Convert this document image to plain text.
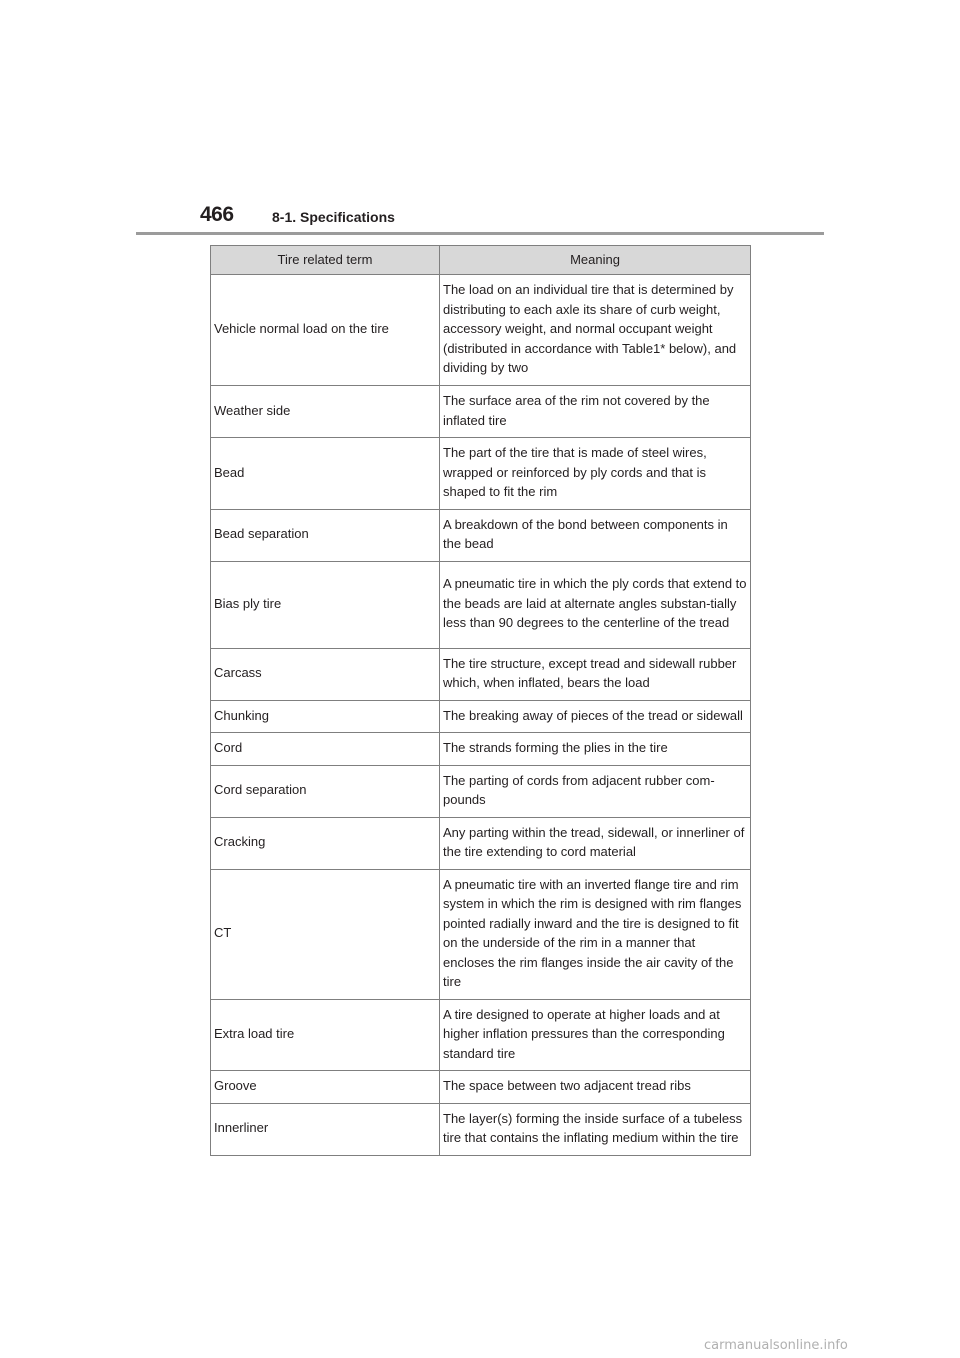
466	8-1. Specifications
Tire related term	Meaning
Vehicle normal load on the tire	The load on an individual tire that is determined by distributing to each axle its share of curb weight, accessory weight, and normal occupant weight (distributed in accordance with Table1* below), and dividing by two
Weather side	The surface area of the rim not covered by the inflated tire
Bead	The part of the tire that is made of steel wires, wrapped or reinforced by ply cords and that is shaped to fit the rim
Bead separation	A breakdown of the bond between components in the bead
Bias ply tire	A pneumatic tire in which the ply cords that extend to the beads are laid at alternate angles substan-tially less than 90 degrees to the centerline of the tread
Carcass	The tire structure, except tread and sidewall rubber which, when inflated, bears the load
Chunking	The breaking away of pieces of the tread or sidewall
Cord	The strands forming the plies in the tire
Cord separation	The parting of cords from adjacent rubber com-pounds
Cracking	Any parting within the tread, sidewall, or innerliner of the tire extending to cord material
CT	A pneumatic tire with an inverted flange tire and rim system in which the rim is designed with rim flanges pointed radially inward and the tire is designed to fit on the underside of the rim in a manner that encloses the rim flanges inside the air cavity of the tire
Extra load tire	A tire designed to operate at higher loads and at higher inflation pressures than the corresponding standard tire
Groove	The space between two adjacent tread ribs
Innerliner	The layer(s) forming the inside surface of a tubeless tire that contains the inflating medium within the tire
carmanualsonline.info
